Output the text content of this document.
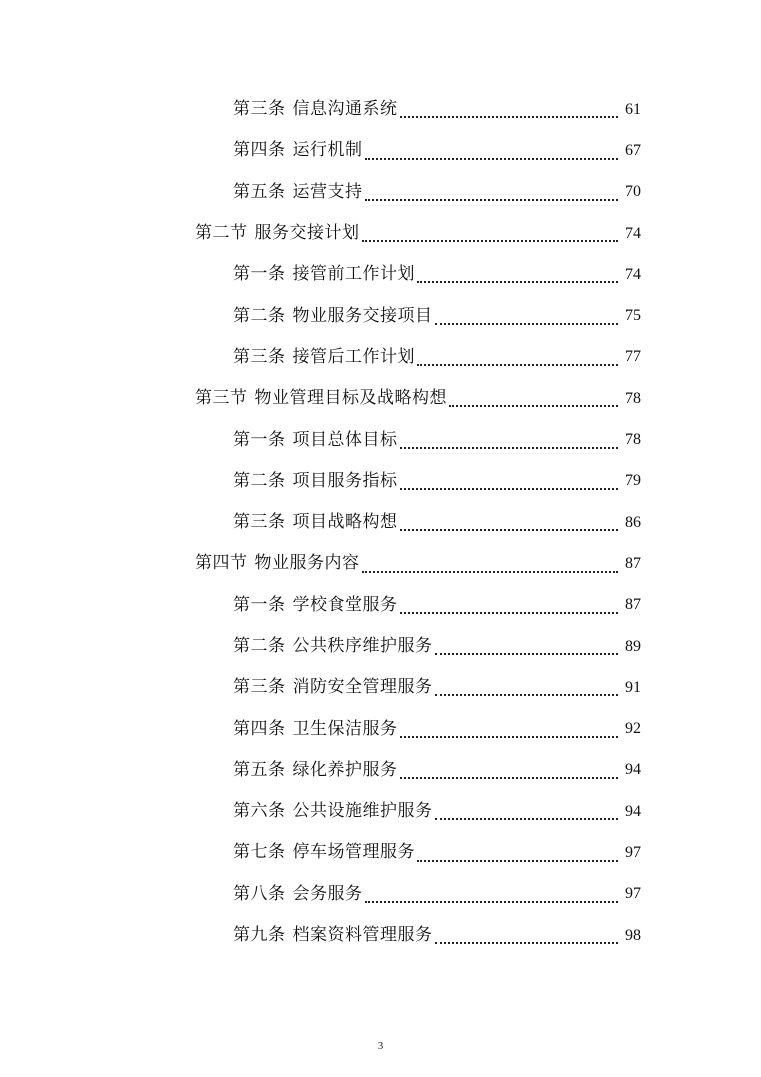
第三条 信息沟通系统	61
第四条 运行机制	67
第五条 运营支持	70
第二节 服务交接计划	74
第一条 接管前工作计划	74
第二条 物业服务交接项目	75
第三条 接管后工作计划	77
第三节 物业管理目标及战略构想	78
第一条 项目总体目标	78
第二条 项目服务指标	79
第三条 项目战略构想	86
第四节 物业服务内容	87
第一条 学校食堂服务	87
第二条 公共秩序维护服务	89
第三条 消防安全管理服务	91
第四条 卫生保洁服务	92
第五条 绿化养护服务	94
第六条 公共设施维护服务	94
第七条 停车场管理服务	97
第八条 会务服务	97
第九条 档案资料管理服务	98
3
